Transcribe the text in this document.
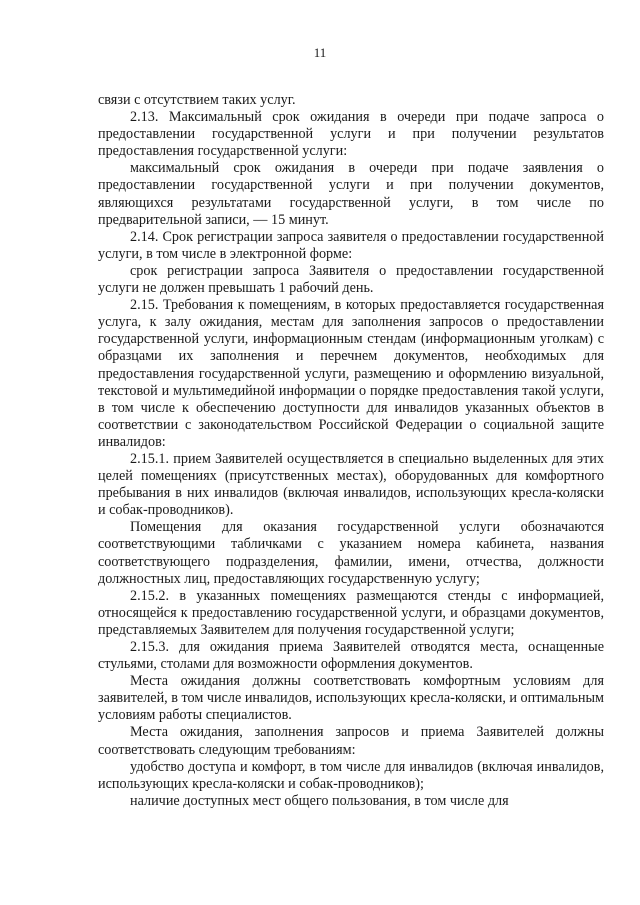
11

связи с отсутствием таких услуг.

2.13. Максимальный срок ожидания в очереди при подаче запроса о предоставлении государственной услуги и при получении результатов предоставления государственной услуги:

максимальный срок ожидания в очереди при подаче заявления о предоставлении государственной услуги и при получении документов, являющихся результатами государственной услуги, в том числе по предварительной записи, — 15 минут.

2.14. Срок регистрации запроса заявителя о предоставлении государственной услуги, в том числе в электронной форме:

срок регистрации запроса Заявителя о предоставлении государственной услуги не должен превышать 1 рабочий день.

2.15. Требования к помещениям, в которых предоставляется государственная услуга, к залу ожидания, местам для заполнения запросов о предоставлении государственной услуги, информационным стендам (информационным уголкам) с образцами их заполнения и перечнем документов, необходимых для предоставления государственной услуги, размещению и оформлению визуальной, текстовой и мультимедийной информации о порядке предоставления такой услуги, в том числе к обеспечению доступности для инвалидов указанных объектов в соответствии с законодательством Российской Федерации о социальной защите инвалидов:

2.15.1. прием Заявителей осуществляется в специально выделенных для этих целей помещениях (присутственных местах), оборудованных для комфортного пребывания в них инвалидов (включая инвалидов, использующих кресла-коляски и собак-проводников).

Помещения для оказания государственной услуги обозначаются соответствующими табличками с указанием номера кабинета, названия соответствующего подразделения, фамилии, имени, отчества, должности должностных лиц, предоставляющих государственную услугу;

2.15.2. в указанных помещениях размещаются стенды с информацией, относящейся к предоставлению государственной услуги, и образцами документов, представляемых Заявителем для получения государственной услуги;

2.15.3. для ожидания приема Заявителей отводятся места, оснащенные стульями, столами для возможности оформления документов.

Места ожидания должны соответствовать комфортным условиям для заявителей, в том числе инвалидов, использующих кресла-коляски, и оптимальным условиям работы специалистов.

Места ожидания, заполнения запросов и приема Заявителей должны соответствовать следующим требованиям:

удобство доступа и комфорт, в том числе для инвалидов (включая инвалидов, использующих кресла-коляски и собак-проводников);

наличие доступных мест общего пользования, в том числе для
